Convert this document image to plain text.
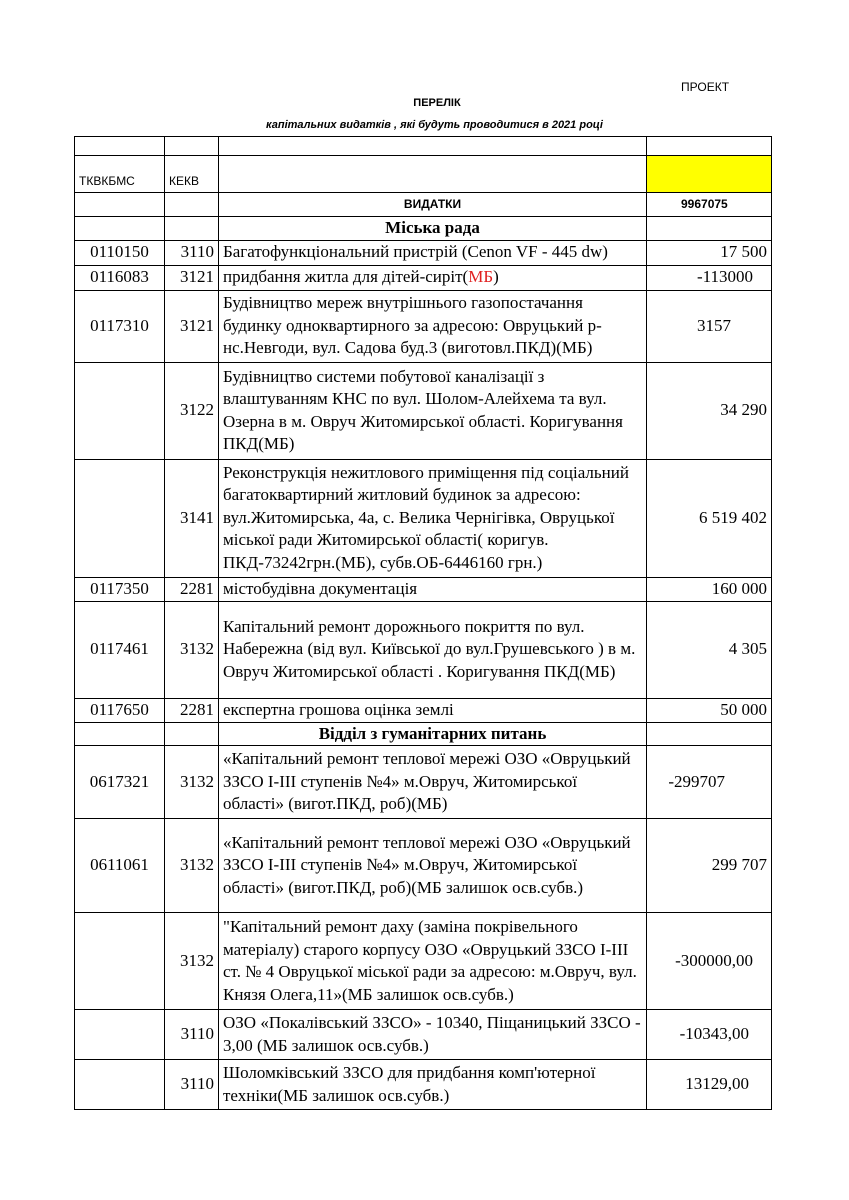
ПРОЕКТ
ПЕРЕЛІК
капітальних видатків , які будуть проводитися в 2021 році

ТКВКБМС	КЕКВ		
		ВИДАТКИ	9967075
		Міська рада	
0110150	3110	Багатофункціональний пристрій (Cenon VF - 445 dw)	17 500
0116083	3121	придбання житла для дітей-сиріт(МБ)	-113000
0117310	3121	Будівництво мереж внутрішнього газопостачання будинку одноквартирного за адресою: Овруцький р-нс.Невгоди, вул. Садова буд.3 (виготовл.ПКД)(МБ)	3157
	3122	Будівництво системи побутової каналізації з влаштуванням КНС по вул. Шолом-Алейхема та вул. Озерна в м. Овруч Житомирської області. Коригування ПКД(МБ)	34 290
	3141	Реконструкція нежитлового приміщення під соціальний багатоквартирний житловий будинок за адресою: вул.Житомирська, 4а, с. Велика Чернігівка, Овруцької міської ради Житомирської області( коригув. ПКД-73242грн.(МБ), субв.ОБ-6446160 грн.)	6 519 402
0117350	2281	містобудівна документація	160 000
0117461	3132	Капітальний ремонт дорожнього покриття по вул. Набережна (від вул. Київської до вул.Грушевського ) в м. Овруч Житомирської області . Коригування ПКД(МБ)	4 305
0117650	2281	експертна грошова оцінка землі	50 000
		Відділ з гуманітарних питань	
0617321	3132	«Капітальний ремонт теплової мережі ОЗО «Овруцький ЗЗСО І-ІІІ ступенів №4» м.Овруч, Житомирської області» (вигот.ПКД, роб)(МБ)	-299707
0611061	3132	«Капітальний ремонт теплової мережі ОЗО «Овруцький ЗЗСО І-ІІІ ступенів №4» м.Овруч, Житомирської області» (вигот.ПКД, роб)(МБ залишок осв.субв.)	299 707
	3132	"Капітальний ремонт даху (заміна покрівельного матеріалу) старого корпусу ОЗО «Овруцький ЗЗСО І-ІІІ ст. № 4 Овруцької міської ради за адресою: м.Овруч, вул. Князя Олега,11»(МБ залишок осв.субв.)	-300000,00
	3110	ОЗО «Покалівський ЗЗСО» - 10340, Піщаницький ЗЗСО - 3,00 (МБ залишок осв.субв.)	-10343,00
	3110	Шоломківський ЗЗСО для придбання комп'ютерної техніки(МБ залишок осв.субв.)	13129,00
